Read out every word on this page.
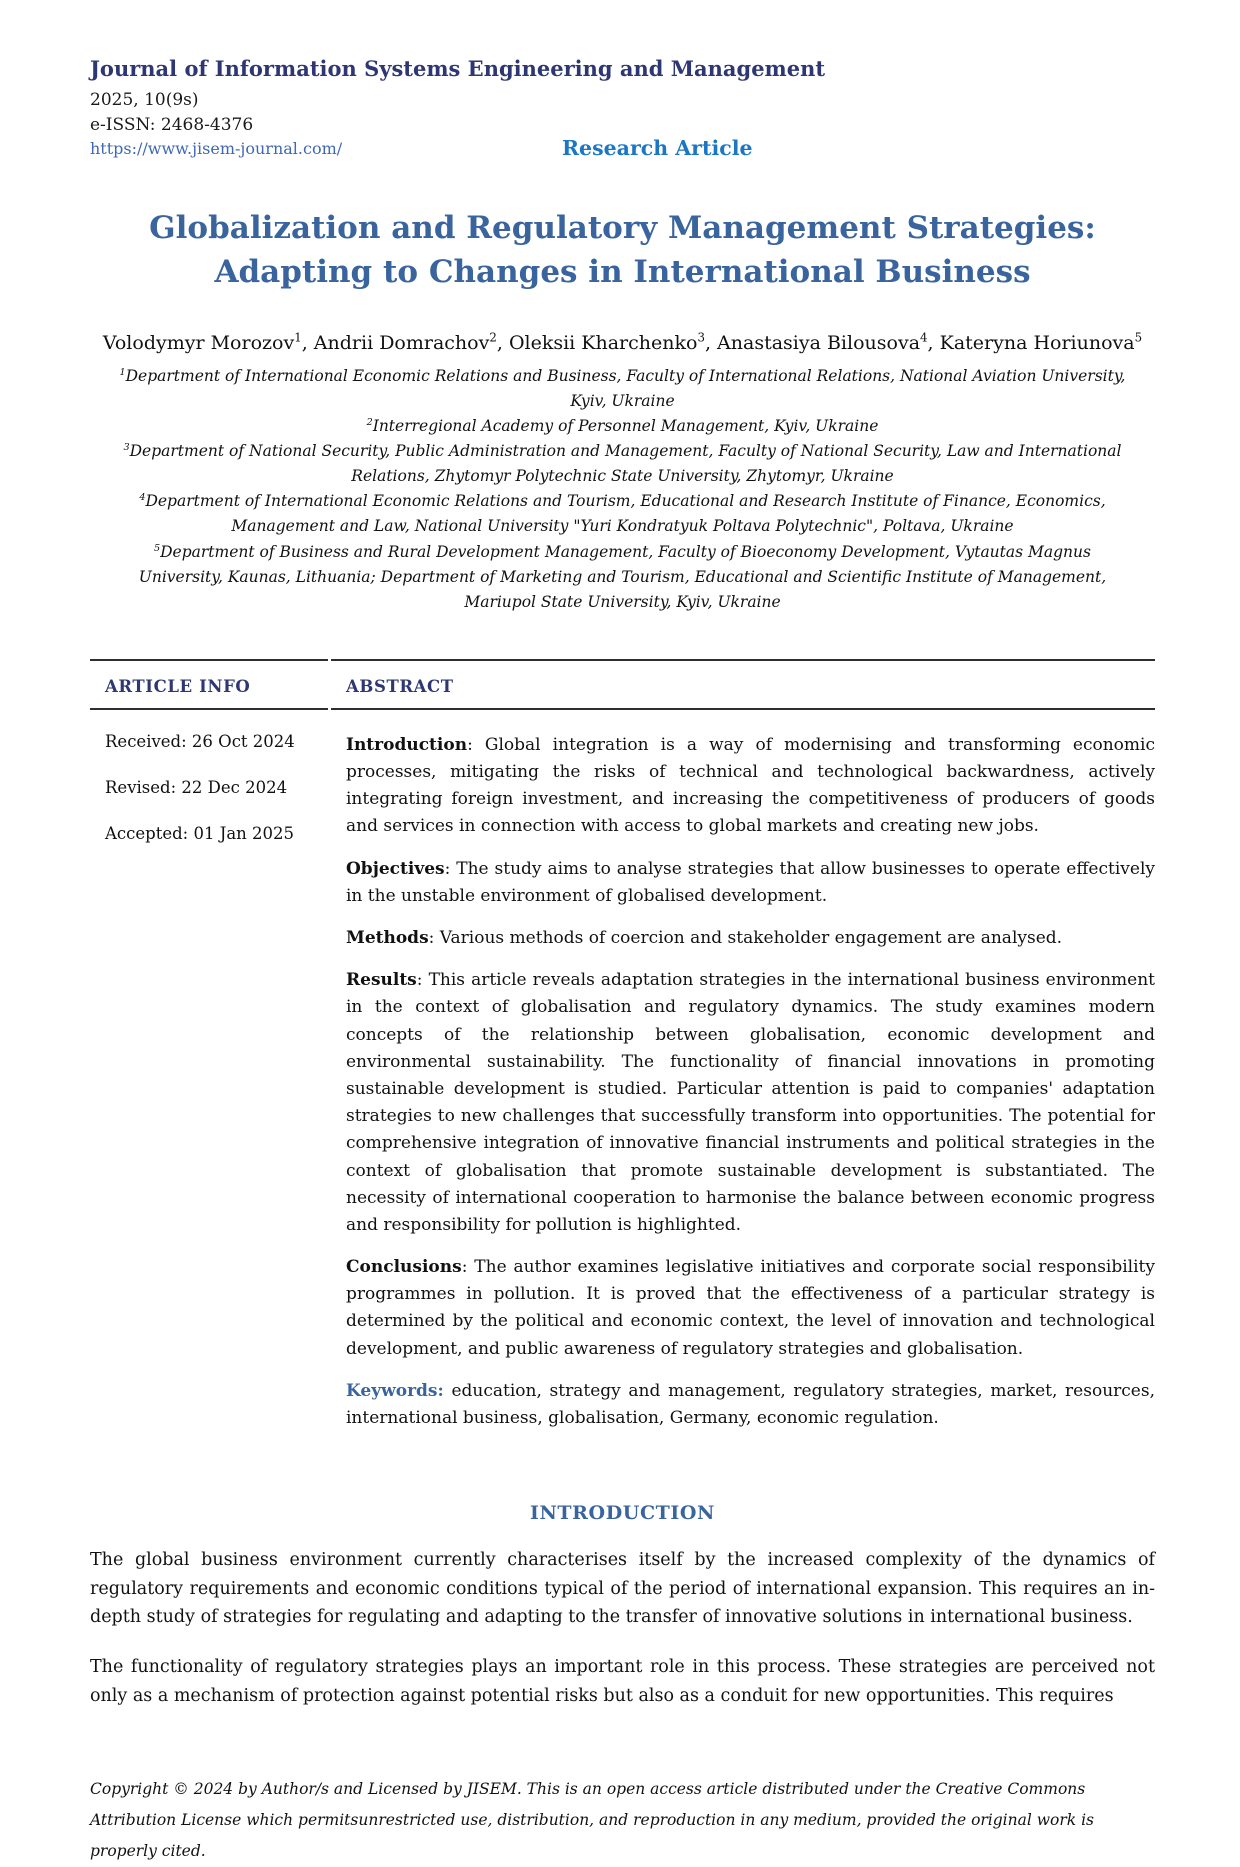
Journal of Information Systems Engineering and Management
2025, 10(9s)
e-ISSN: 2468-4376
https://www.jisem-journal.com/	Research Article
Globalization and Regulatory Management Strategies:
Adapting to Changes in International Business
Volodymyr Morozov$^1$, Andrii Domrachov$^2$, Oleksii Kharchenko$^3$, Anastasiya Bilousova$^4$, Kateryna Horiunova$^5$
$^1$Department of International Economic Relations and Business, Faculty of International Relations, National Aviation University, Kyiv, Ukraine
$^2$Interregional Academy of Personnel Management, Kyiv, Ukraine
$^3$Department of National Security, Public Administration and Management, Faculty of National Security, Law and International Relations, Zhytomyr Polytechnic State University, Zhytomyr, Ukraine
$^4$Department of International Economic Relations and Tourism, Educational and Research Institute of Finance, Economics, Management and Law, National University "Yuri Kondratyuk Poltava Polytechnic", Poltava, Ukraine
$^5$Department of Business and Rural Development Management, Faculty of Bioeconomy Development, Vytautas Magnus University, Kaunas, Lithuania; Department of Marketing and Tourism, Educational and Scientific Institute of Management, Mariupol State University, Kyiv, Ukraine
ARTICLE INFO

Received: 26 Oct 2024

Revised: 22 Dec 2024

Accepted: 01 Jan 2025

ABSTRACT

Introduction: Global integration is a way of modernising and transforming economic processes, mitigating the risks of technical and technological backwardness, actively integrating foreign investment, and increasing the competitiveness of producers of goods and services in connection with access to global markets and creating new jobs.

Objectives: The study aims to analyse strategies that allow businesses to operate effectively in the unstable environment of globalised development.

Methods: Various methods of coercion and stakeholder engagement are analysed.

Results: This article reveals adaptation strategies in the international business environment in the context of globalisation and regulatory dynamics. The study examines modern concepts of the relationship between globalisation, economic development and environmental sustainability. The functionality of financial innovations in promoting sustainable development is studied. Particular attention is paid to companies' adaptation strategies to new challenges that successfully transform into opportunities. The potential for comprehensive integration of innovative financial instruments and political strategies in the context of globalisation that promote sustainable development is substantiated. The necessity of international cooperation to harmonise the balance between economic progress and responsibility for pollution is highlighted.

Conclusions: The author examines legislative initiatives and corporate social responsibility programmes in pollution. It is proved that the effectiveness of a particular strategy is determined by the political and economic context, the level of innovation and technological development, and public awareness of regulatory strategies and globalisation.

Keywords: education, strategy and management, regulatory strategies, market, resources, international business, globalisation, Germany, economic regulation.

INTRODUCTION

The global business environment currently characterises itself by the increased complexity of the dynamics of regulatory requirements and economic conditions typical of the period of international expansion. This requires an in-depth study of strategies for regulating and adapting to the transfer of innovative solutions in international business.

The functionality of regulatory strategies plays an important role in this process. These strategies are perceived not only as a mechanism of protection against potential risks but also as a conduit for new opportunities. This requires

Copyright © 2024 by Author/s and Licensed by JISEM. This is an open access article distributed under the Creative Commons Attribution License which permitsunrestricted use, distribution, and reproduction in any medium, provided the original work is properly cited.
